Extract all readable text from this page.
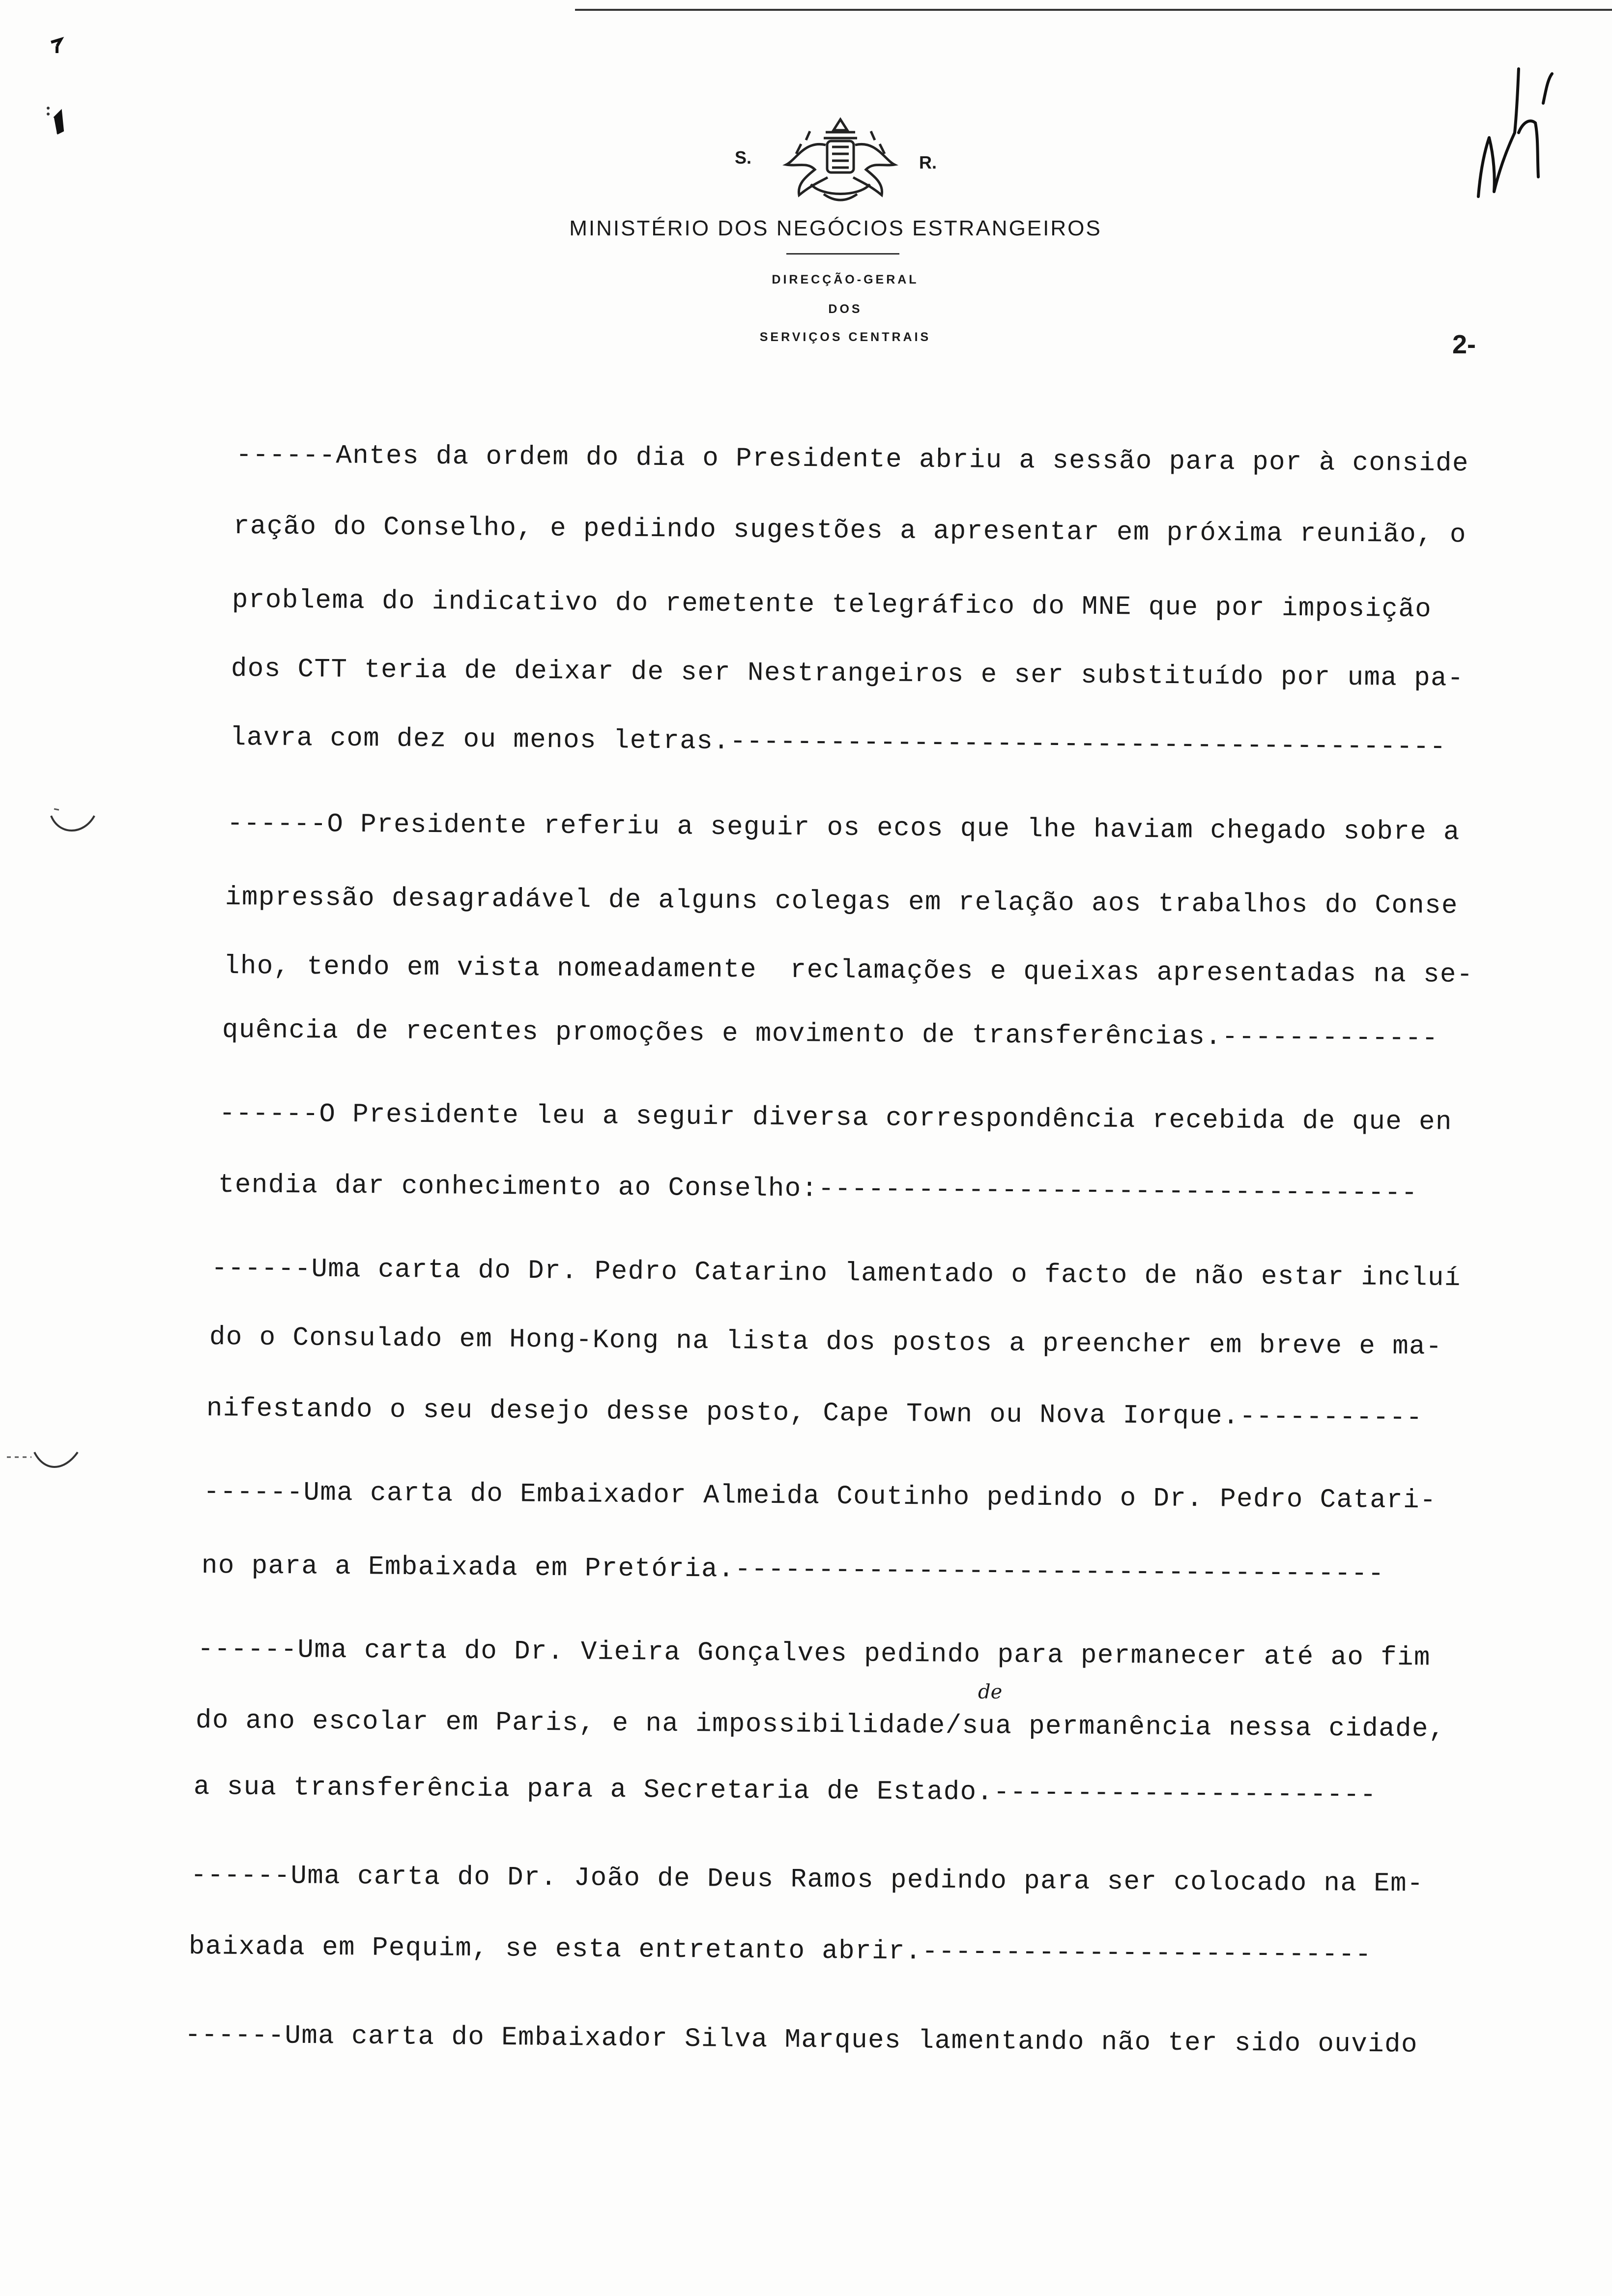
S.	R.
MINISTÉRIO DOS NEGÓCIOS ESTRANGEIROS
DIRECÇÃO-GERAL
DOS
SERVIÇOS CENTRAIS	2-
------Antes da ordem do dia o Presidente abriu a sessão para por à conside
ração do Conselho, e pediindo sugestões a apresentar em próxima reunião, o
problema do indicativo do remetente telegráfico do MNE que por imposição
dos CTT teria de deixar de ser Nestrangeiros e ser substituído por uma pa-
lavra com dez ou menos letras.-------------------------------------------
------O Presidente referiu a seguir os ecos que lhe haviam chegado sobre a
impressão desagradável de alguns colegas em relação aos trabalhos do Conse
lho, tendo em vista nomeadamente  reclamações e queixas apresentadas na se-
quência de recentes promoções e movimento de transferências.-------------
------O Presidente leu a seguir diversa correspondência recebida de que en
tendia dar conhecimento ao Conselho:------------------------------------
------Uma carta do Dr. Pedro Catarino lamentado o facto de não estar incluí
do o Consulado em Hong-Kong na lista dos postos a preencher em breve e ma-
nifestando o seu desejo desse posto, Cape Town ou Nova Iorque.-----------
------Uma carta do Embaixador Almeida Coutinho pedindo o Dr. Pedro Catari-
no para a Embaixada em Pretória.---------------------------------------
------Uma carta do Dr. Vieira Gonçalves pedindo para permanecer até ao fim
do ano escolar em Paris, e na impossibilidade/sua permanência nessa cidade,
a sua transferência para a Secretaria de Estado.-----------------------
------Uma carta do Dr. João de Deus Ramos pedindo para ser colocado na Em-
baixada em Pequim, se esta entretanto abrir.---------------------------
------Uma carta do Embaixador Silva Marques lamentando não ter sido ouvido
de
